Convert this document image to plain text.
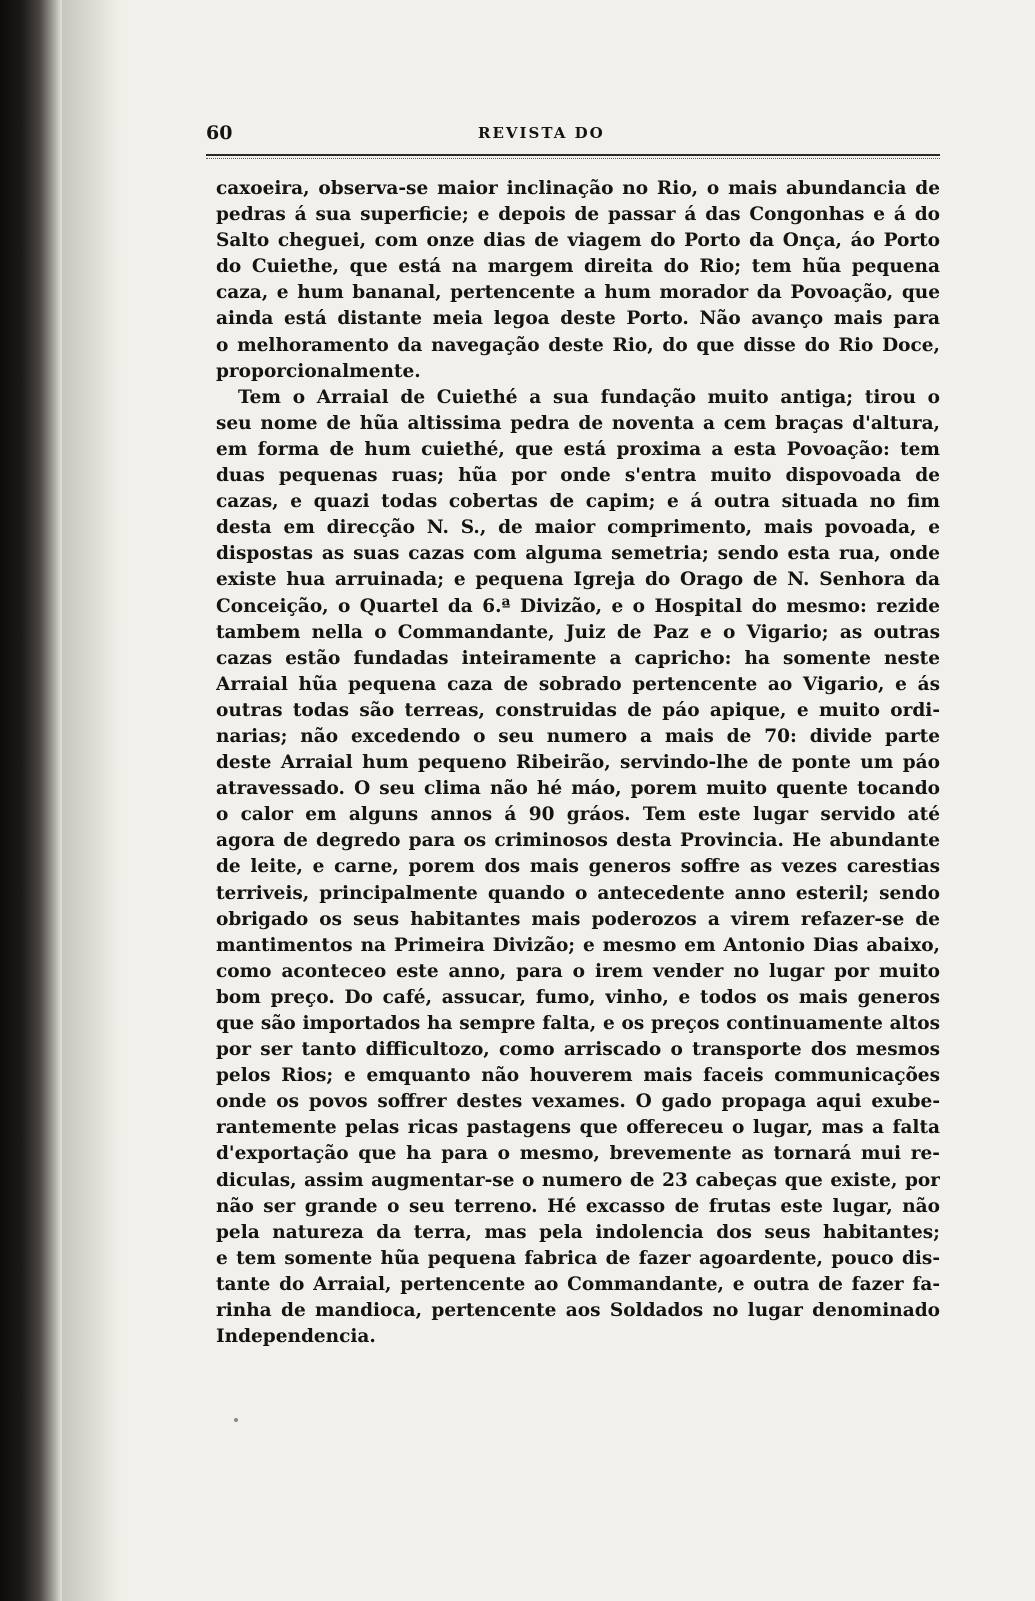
60	REVISTA DO
caxoeira, observa-se maior inclinação no Rio, o mais abundancia de
pedras á sua superficie; e depois de passar á das Congonhas e á do
Salto cheguei, com onze dias de viagem do Porto da Onça, áo Porto
do Cuiethe, que está na margem direita do Rio; tem hũa pequena
caza, e hum bananal, pertencente a hum morador da Povoação, que
ainda está distante meia legoa deste Porto. Não avanço mais para
o melhoramento da navegação deste Rio, do que disse do Rio Doce,
proporcionalmente.
Tem o Arraial de Cuiethé a sua fundação muito antiga; tirou o
seu nome de hũa altissima pedra de noventa a cem braças d'altura,
em forma de hum cuiethé, que está proxima a esta Povoação: tem
duas pequenas ruas; hũa por onde s'entra muito dispovoada de
cazas, e quazi todas cobertas de capim; e á outra situada no fim
desta em direcção N. S., de maior comprimento, mais povoada, e
dispostas as suas cazas com alguma semetria; sendo esta rua, onde
existe hua arruinada; e pequena Igreja do Orago de N. Senhora da
Conceição, o Quartel da 6.ª Divizão, e o Hospital do mesmo: rezide
tambem nella o Commandante, Juiz de Paz e o Vigario; as outras
cazas estão fundadas inteiramente a capricho: ha somente neste
Arraial hũa pequena caza de sobrado pertencente ao Vigario, e ás
outras todas são terreas, construidas de páo apique, e muito ordi-
narias; não excedendo o seu numero a mais de 70: divide parte
deste Arraial hum pequeno Ribeirão, servindo-lhe de ponte um páo
atravessado. O seu clima não hé máo, porem muito quente tocando
o calor em alguns annos á 90 gráos. Tem este lugar servido até
agora de degredo para os criminosos desta Provincia. He abundante
de leite, e carne, porem dos mais generos soffre as vezes carestias
terriveis, principalmente quando o antecedente anno esteril; sendo
obrigado os seus habitantes mais poderozos a virem refazer-se de
mantimentos na Primeira Divizão; e mesmo em Antonio Dias abaixo,
como aconteceo este anno, para o irem vender no lugar por muito
bom preço. Do café, assucar, fumo, vinho, e todos os mais generos
que são importados ha sempre falta, e os preços continuamente altos
por ser tanto difficultozo, como arriscado o transporte dos mesmos
pelos Rios; e emquanto não houverem mais faceis communicações
onde os povos soffrer destes vexames. O gado propaga aqui exube-
rantemente pelas ricas pastagens que offereceu o lugar, mas a falta
d'exportação que ha para o mesmo, brevemente as tornará mui re-
diculas, assim augmentar-se o numero de 23 cabeças que existe, por
não ser grande o seu terreno. Hé excasso de frutas este lugar, não
pela natureza da terra, mas pela indolencia dos seus habitantes;
e tem somente hũa pequena fabrica de fazer agoardente, pouco dis-
tante do Arraial, pertencente ao Commandante, e outra de fazer fa-
rinha de mandioca, pertencente aos Soldados no lugar denominado
Independencia.
